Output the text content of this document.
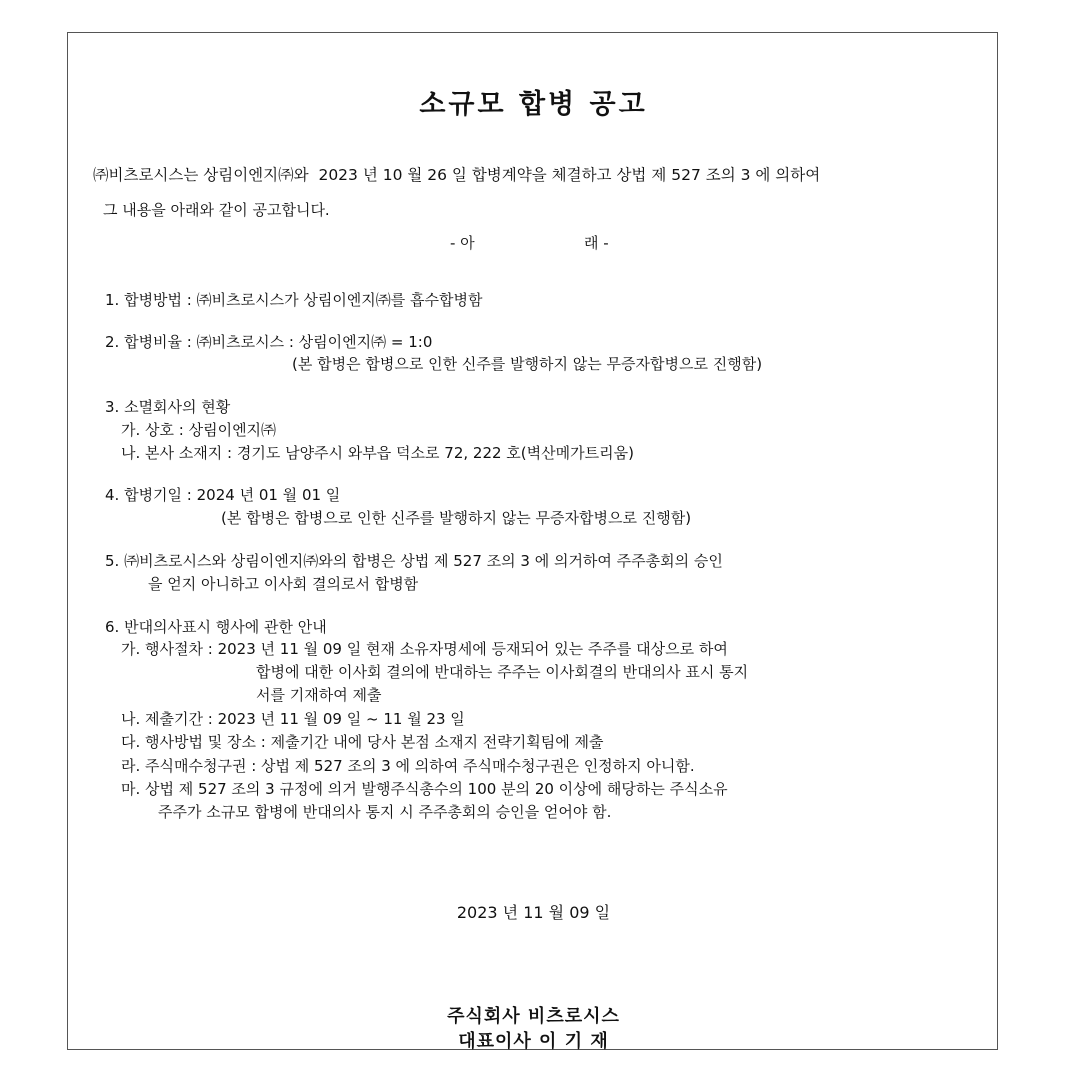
소규모 합병 공고
㈜비츠로시스는 상림이엔지㈜와  2023 년 10 월 26 일 합병계약을 체결하고 상법 제 527 조의 3 에 의하여
그 내용을 아래와 같이 공고합니다.
- 아	래 -
1. 합병방법 : ㈜비츠로시스가 상림이엔지㈜를 흡수합병함
2. 합병비율 : ㈜비츠로시스 : 상림이엔지㈜ = 1:0
(본 합병은 합병으로 인한 신주를 발행하지 않는 무증자합병으로 진행함)
3. 소멸회사의 현황
가. 상호 : 상림이엔지㈜
나. 본사 소재지 : 경기도 남양주시 와부읍 덕소로 72, 222 호(벽산메가트리움)
4. 합병기일 : 2024 년 01 월 01 일
(본 합병은 합병으로 인한 신주를 발행하지 않는 무증자합병으로 진행함)
5. ㈜비츠로시스와 상림이엔지㈜와의 합병은 상법 제 527 조의 3 에 의거하여 주주총회의 승인
을 얻지 아니하고 이사회 결의로서 합병함
6. 반대의사표시 행사에 관한 안내
가. 행사절차 : 2023 년 11 월 09 일 현재 소유자명세에 등재되어 있는 주주를 대상으로 하여
합병에 대한 이사회 결의에 반대하는 주주는 이사회결의 반대의사 표시 통지
서를 기재하여 제출
나. 제출기간 : 2023 년 11 월 09 일 ~ 11 월 23 일
다. 행사방법 및 장소 : 제출기간 내에 당사 본점 소재지 전략기획팀에 제출
라. 주식매수청구권 : 상법 제 527 조의 3 에 의하여 주식매수청구권은 인정하지 아니함.
마. 상법 제 527 조의 3 규정에 의거 발행주식총수의 100 분의 20 이상에 해당하는 주식소유
주주가 소규모 합병에 반대의사 통지 시 주주총회의 승인을 얻어야 함.
2023 년 11 월 09 일
주식회사 비츠로시스
대표이사 이 기 재
